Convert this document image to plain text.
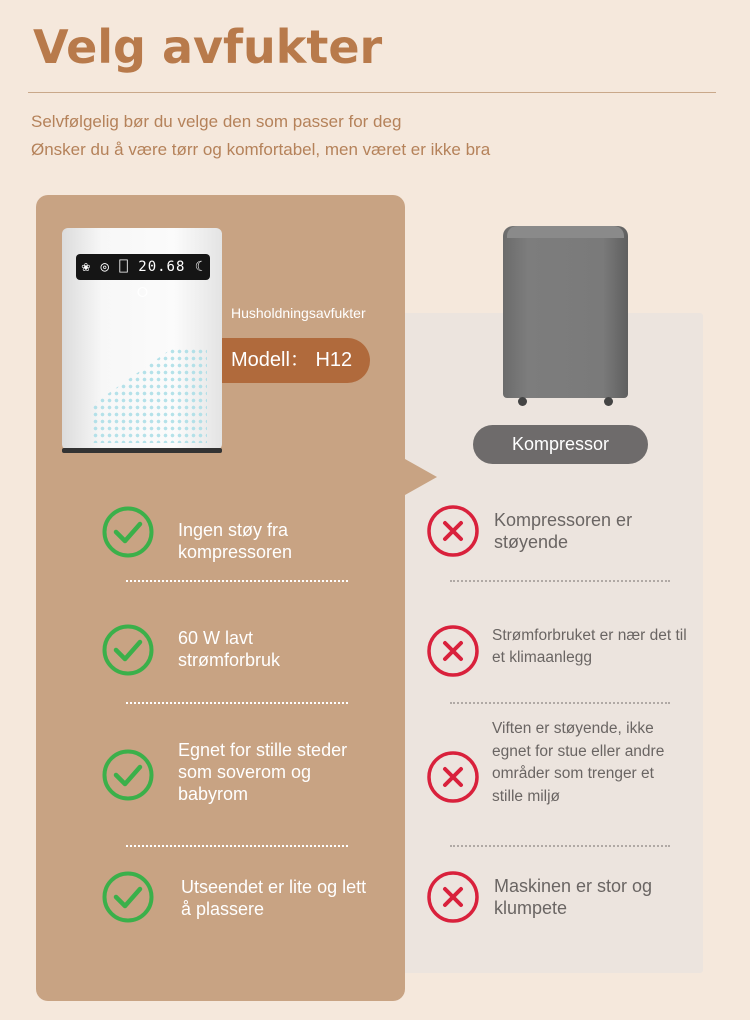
Velg avfukter
Selvfølgelig bør du velge den som passer for deg
Ønsker du å være tørr og komfortabel, men været er ikke bra
❀ ◎ ⎕ 20.68 ☾ ⭘
Husholdningsavfukter
Modell： H12
Kompressor
Ingen støy fra kompressoren
60 W lavt strømforbruk
Egnet for stille steder som soverom og babyrom
Utseendet er lite og lett å plassere
Kompressoren er støyende
Strømforbruket er nær det til et klimaanlegg
Viften er støyende, ikke egnet for stue eller andre områder som trenger et stille miljø
Maskinen er stor og klumpete
